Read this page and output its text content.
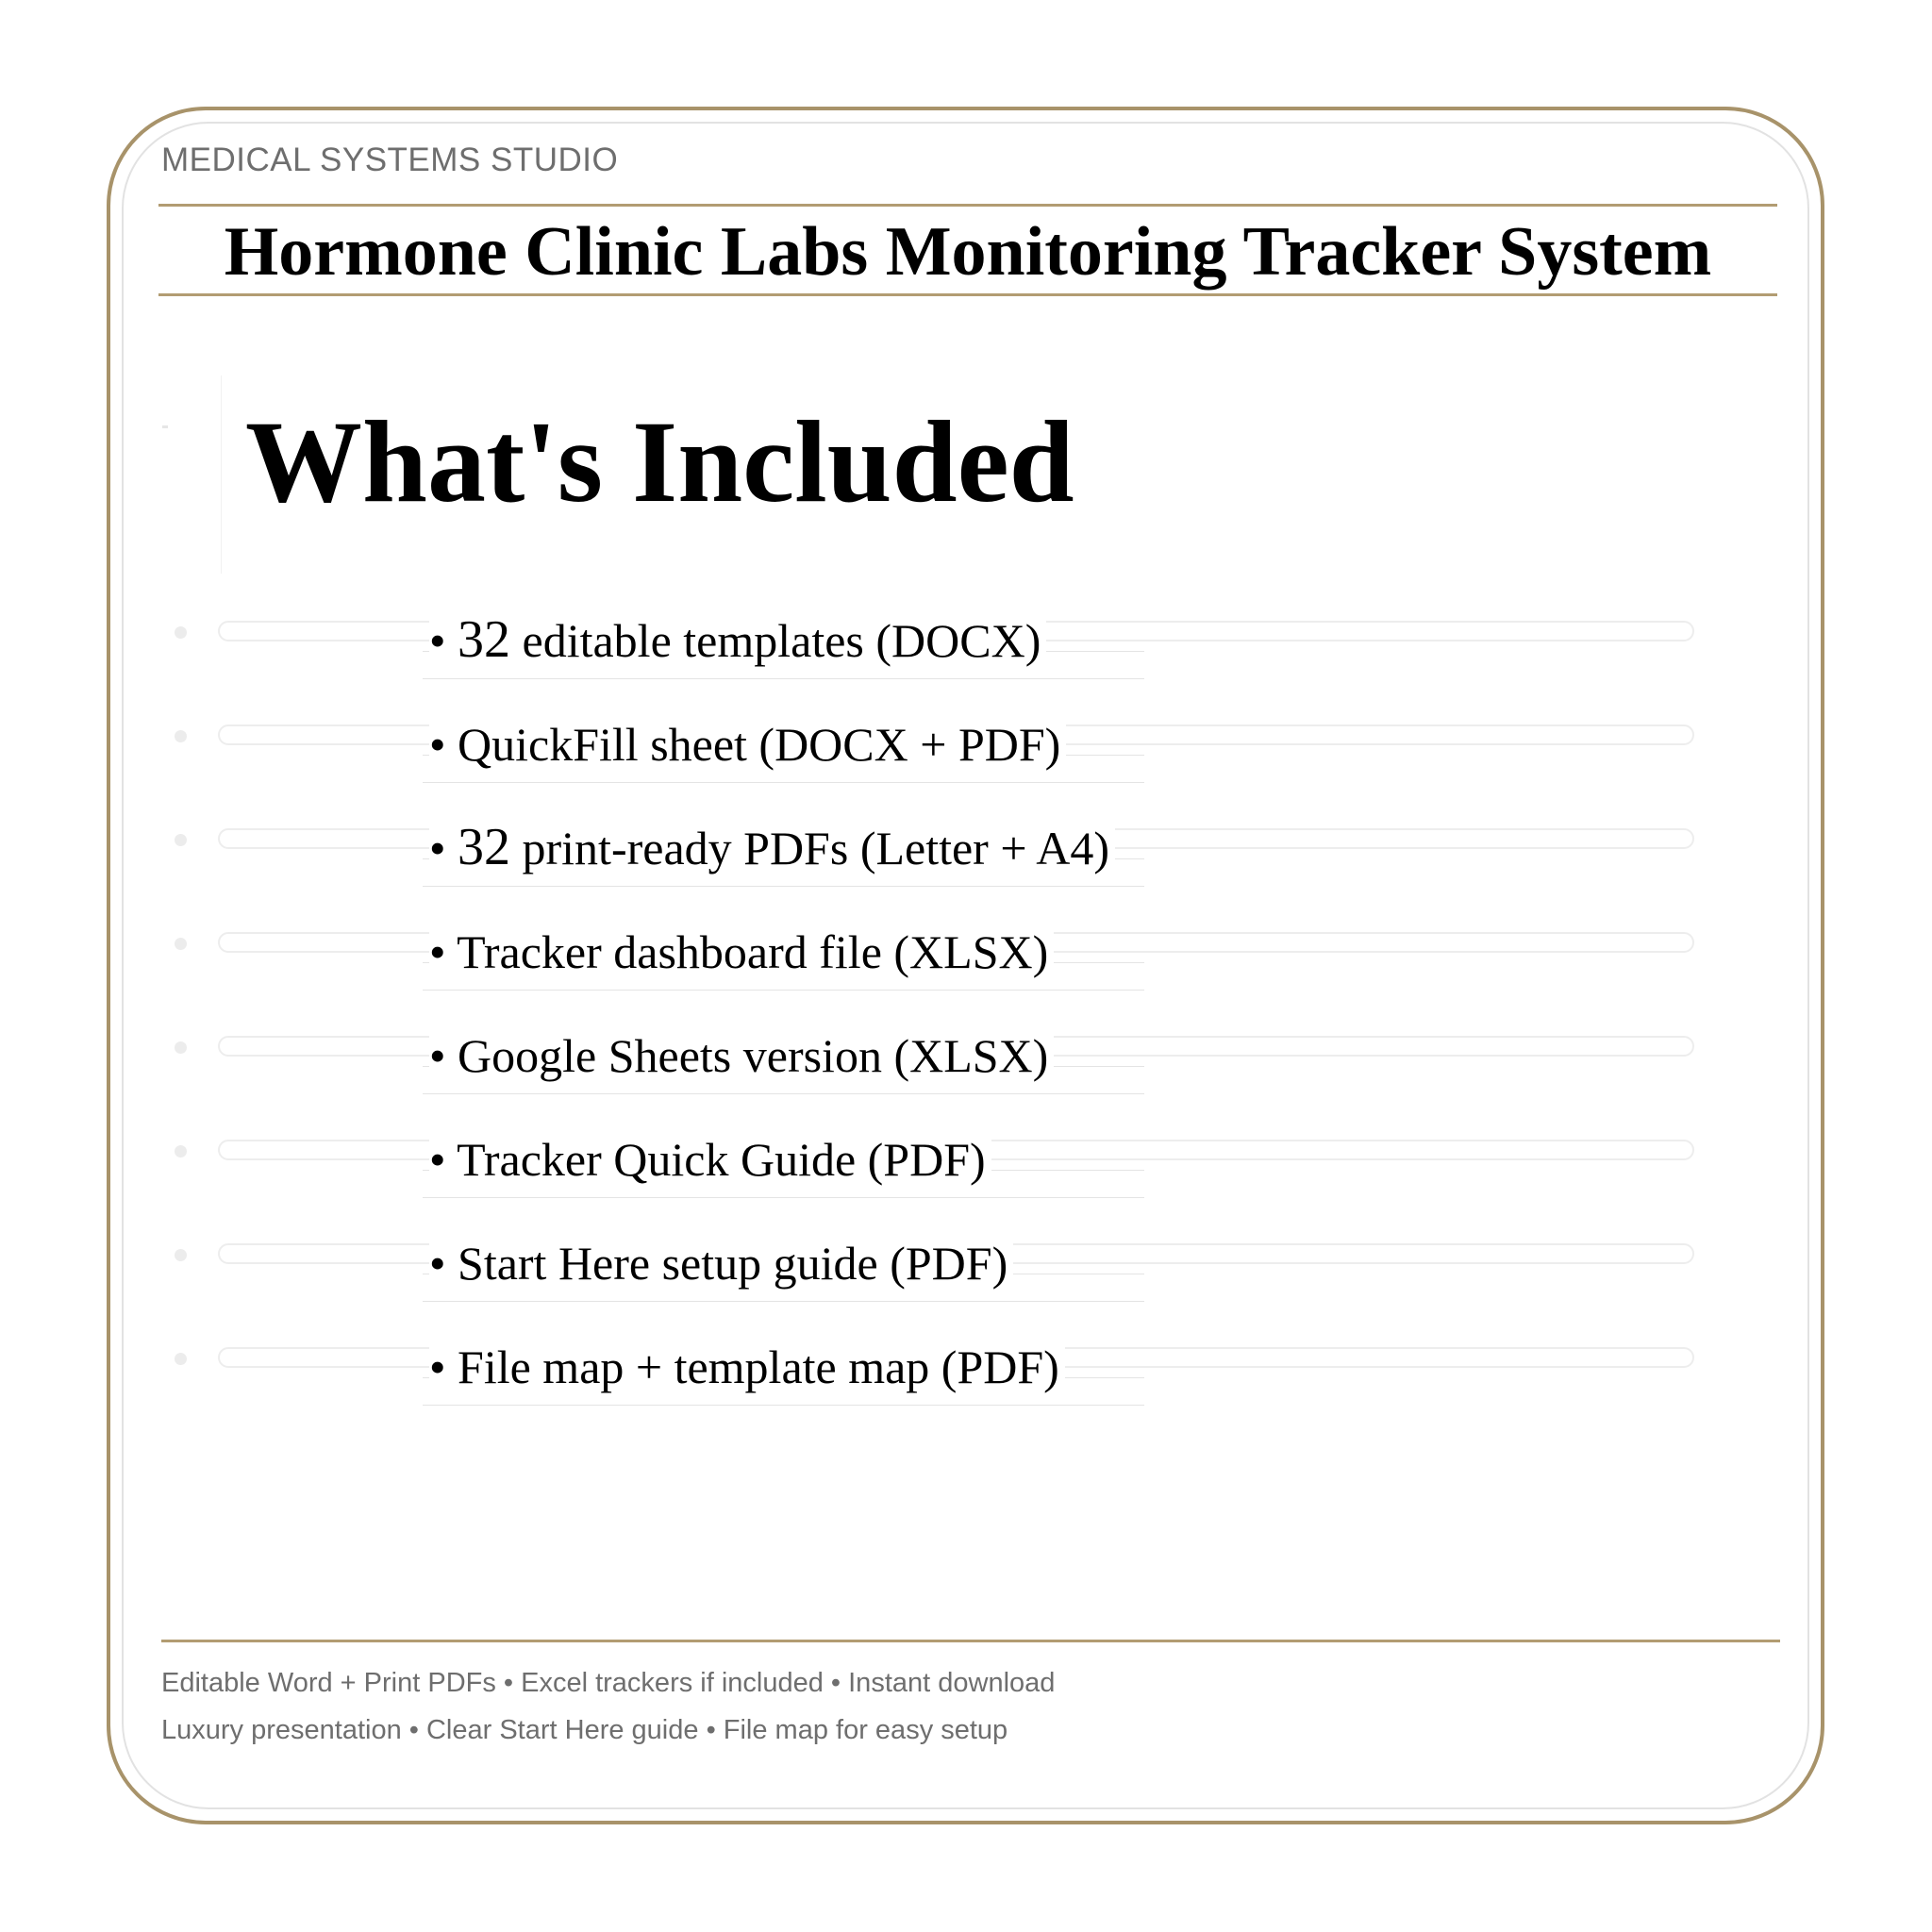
MEDICAL SYSTEMS STUDIO
Hormone Clinic Labs Monitoring Tracker System
What's Included
• 32 editable templates (DOCX)
• QuickFill sheet (DOCX + PDF)
• 32 print-ready PDFs (Letter + A4)
• Tracker dashboard file (XLSX)
• Google Sheets version (XLSX)
• Tracker Quick Guide (PDF)
• Start Here setup guide (PDF)
• File map + template map (PDF)
Editable Word + Print PDFs • Excel trackers if included • Instant download
Luxury presentation • Clear Start Here guide • File map for easy setup
